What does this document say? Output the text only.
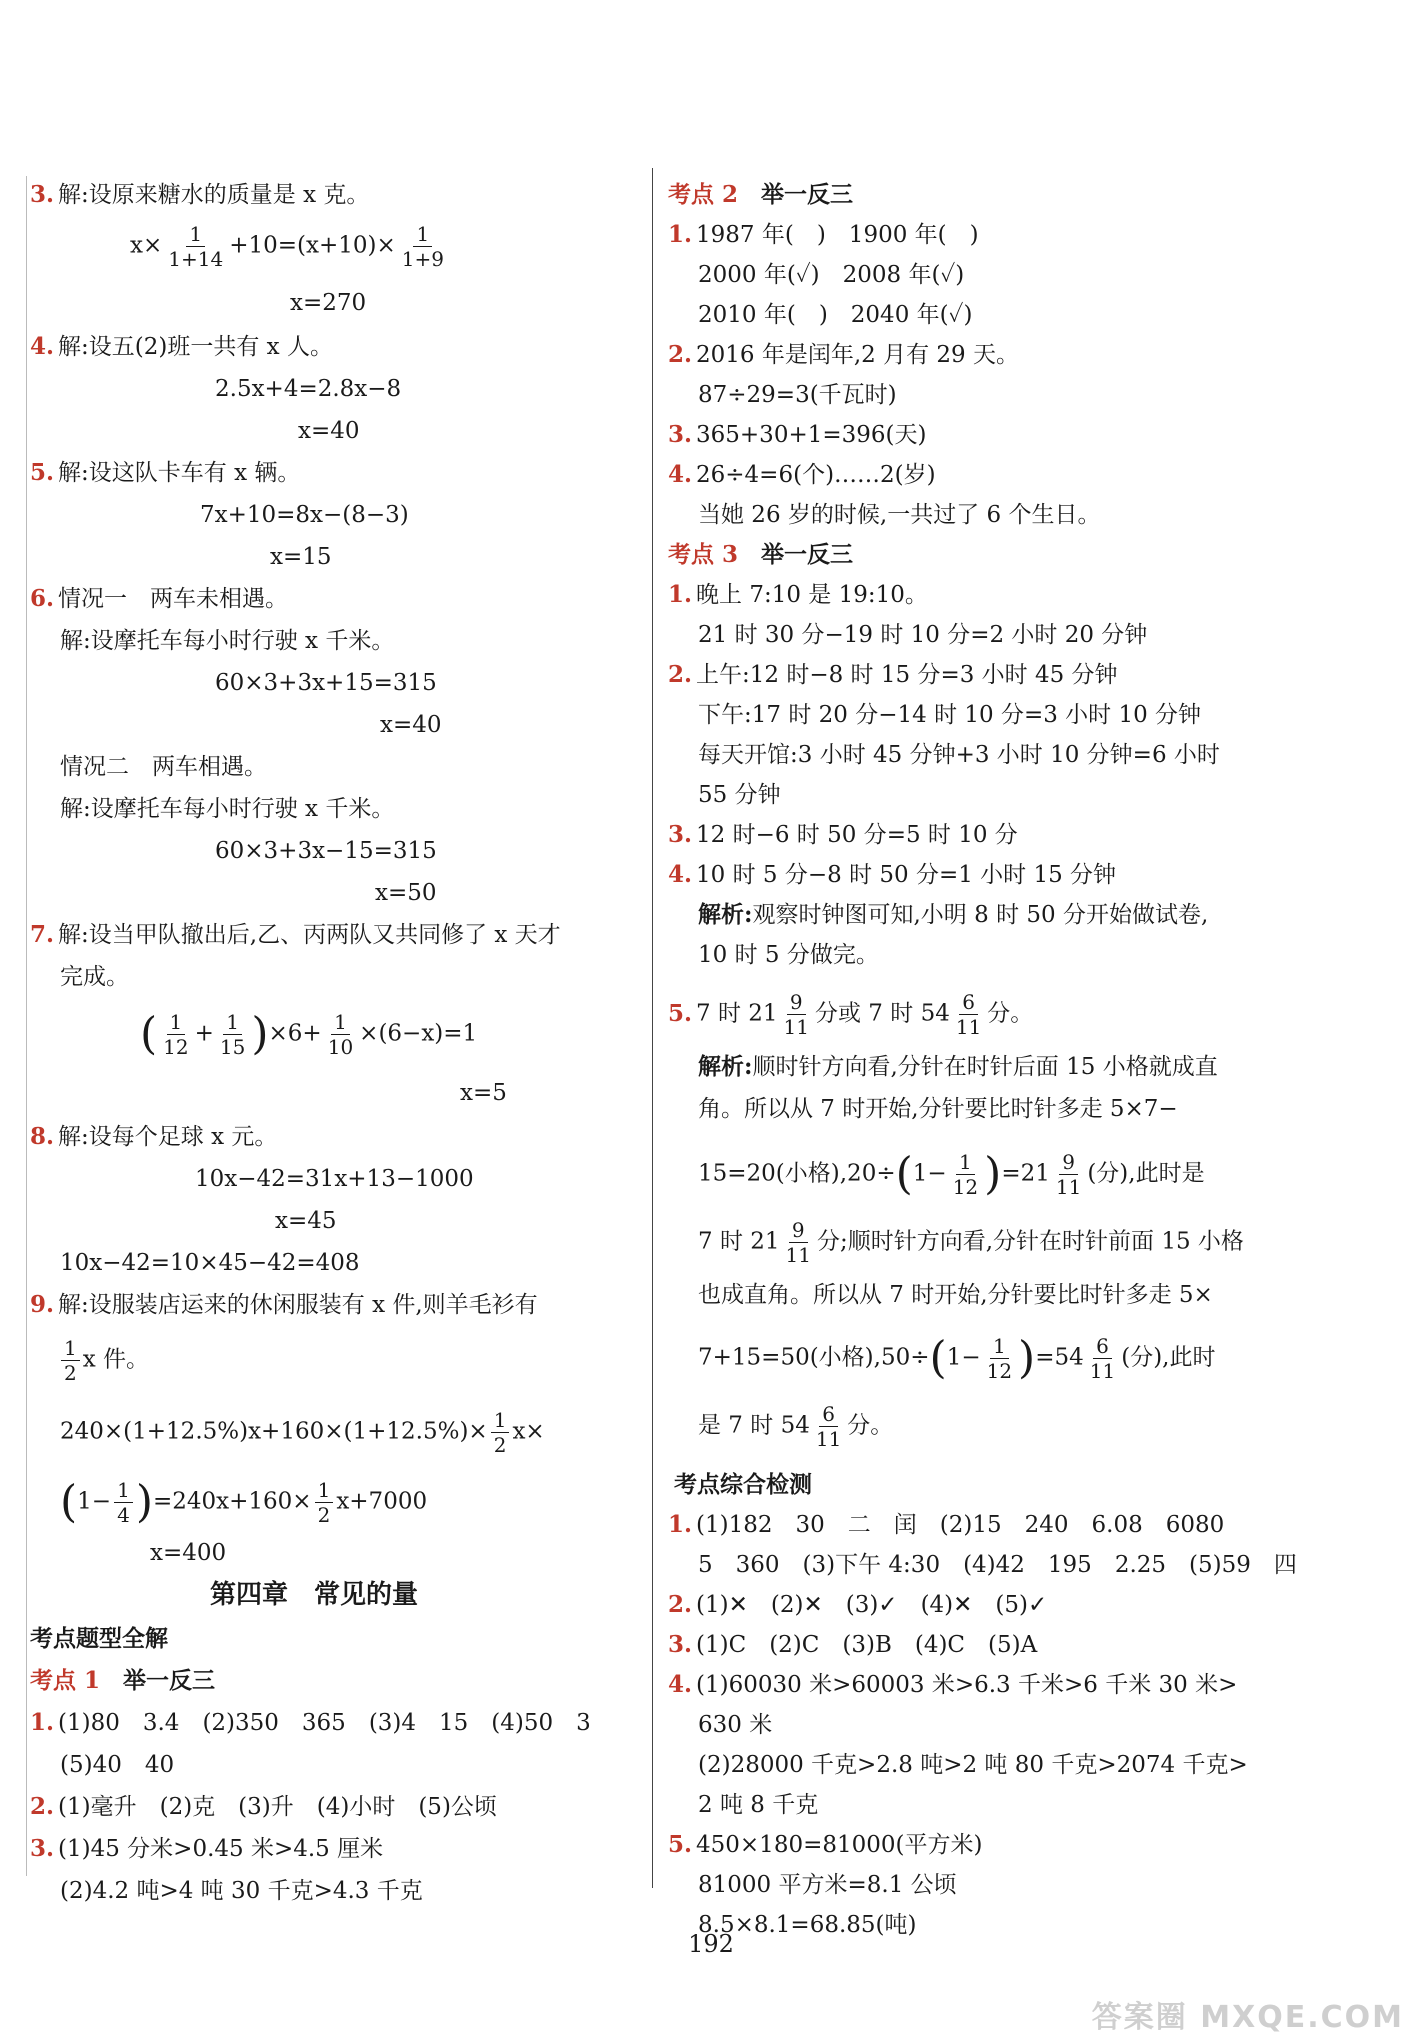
3. 解:设原来糖水的质量是 x 克。
$x\times \frac{1}{1+14} +10=(x+10)\times \frac{1}{1+9}$
x=270
4. 解:设五(2)班一共有 x 人。
2.5x+4=2.8x−8
x=40
5. 解:设这队卡车有 x 辆。
7x+10=8x−(8−3)
x=15
6. 情况一　两车未相遇。
解:设摩托车每小时行驶 x 千米。
60×3+3x+15=315
x=40
情况二　两车相遇。
解:设摩托车每小时行驶 x 千米。
60×3+3x−15=315
x=50
7. 解:设当甲队撤出后,乙、丙两队又共同修了 x 天才
完成。
( $\frac{1}{12} + \frac{1}{15} )\times 6+ \frac{1}{10} \times(6-x)=1$
x=5
8. 解:设每个足球 x 元。
10x−42=31x+13−1000
x=45
10x−42=10×45−42=408
9. 解:设服装店运来的休闲服装有 x 件,则羊毛衫有
$\frac{1}{2}$ x 件。
$240\times(1+12.5\%)x+160\times(1+12.5\%)\times \frac{1}{2} x\times$
$(1- \frac{1}{4} )=240x+160\times \frac{1}{2} x+7000$
x=400
第四章　常见的量
考点题型全解
考点 1　 举一反三
1. (1)80　3.4　(2)350　365　(3)4　15　(4)50　3
(5)40　40
2. (1)毫升　(2)克　(3)升　(4)小时　(5)公顷
3. (1)45 分米>0.45 米>4.5 厘米
(2)4.2 吨>4 吨 30 千克>4.3 千克
考点 2　 举一反三
1. 1987 年(　)　1900 年(　)
2000 年(✓)　2008 年(✓)
2010 年(　)　2040 年(✓)
2. 2016 年是闰年,2 月有 29 天。
87÷29=3(千瓦时)
3. 365+30+1=396(天)
4. 26÷4=6(个)……2(岁)
当她 26 岁的时候,一共过了 6 个生日。
考点 3　 举一反三
1. 晚上 7:10 是 19:10。
21 时 30 分−19 时 10 分=2 小时 20 分钟
2. 上午:12 时−8 时 15 分=3 小时 45 分钟
下午:17 时 20 分−14 时 10 分=3 小时 10 分钟
每天开馆:3 小时 45 分钟+3 小时 10 分钟=6 小时
55 分钟
3. 12 时−6 时 50 分=5 时 10 分
4. 10 时 5 分−8 时 50 分=1 小时 15 分钟
解析:观察时钟图可知,小明 8 时 50 分开始做试卷,
10 时 5 分做完。
5. 7 时 $21 \frac{9}{11}$ 分或 7 时 $54 \frac{6}{11}$ 分。
解析:顺时针方向看,分针在时针后面 15 小格就成直
角。所以从 7 时开始,分针要比时针多走 5×7−
15=20(小格)$,20\div(1- \frac{1}{12} )=21 \frac{9}{11}$ (分),此时是
7 时 $21 \frac{9}{11}$ 分;顺时针方向看,分针在时针前面 15 小格
也成直角。所以从 7 时开始,分针要比时针多走 5×
7+15=50(小格)$,50\div(1- \frac{1}{12} )=54 \frac{6}{11}$ (分),此时
是 7 时 $54 \frac{6}{11}$ 分。
考点综合检测
1. (1)182　30　二　闰　(2)15　240　6.08　6080
5　360　(3)下午 4:30　(4)42　195　2.25　(5)59　四
2. (1)✕　(2)✕　(3)✓　(4)✕　(5)✓
3. (1)C　(2)C　(3)B　(4)C　(5)A
4. (1)60030 米>60003 米>6.3 千米>6 千米 30 米>
630 米
(2)28000 千克>2.8 吨>2 吨 80 千克>2074 千克>
2 吨 8 千克
5. 450×180=81000(平方米)
81000 平方米=8.1 公顷
8.5×8.1=68.85(吨)
192
答案圈 MXQE.COM
